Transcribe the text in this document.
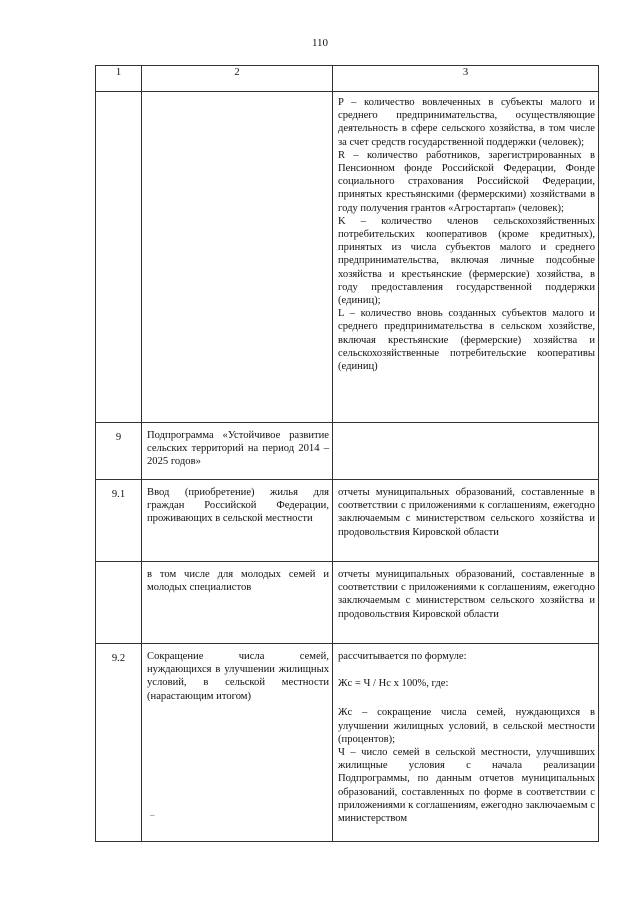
110
1	2	3

		P – количество вовлеченных в субъекты малого и среднего предпринимательства, осуществляющие деятельность в сфере сельского хозяйства, в том числе за счет средств государственной поддержки (человек);

R – количество работников, зарегистрированных в Пенсионном фонде Российской Федерации, Фонде социального страхования Российской Федерации, принятых крестьянскими (фермерскими) хозяйствами в году получения грантов «Агростартап» (человек);

K – количество членов сельскохозяйственных потребительских кооперативов (кроме кредитных), принятых из числа субъектов малого и среднего предпринимательства, включая личные подсобные хозяйства и крестьянские (фермерские) хозяйства, в году предоставления государственной поддержки (единиц);

L – количество вновь созданных субъектов малого и среднего предпринимательства в сельском хозяйстве, включая крестьянские (фермерские) хозяйства и сельскохозяйственные потребительские кооперативы (единиц)

9	Подпрограмма «Устойчивое развитие сельских территорий на период 2014 – 2025 годов»	
9.1	Ввод (приобретение) жилья для граждан Российской Федерации, проживающих в сельской местности	отчеты муниципальных образований, составленные в соответствии с приложениями к соглашениям, ежегодно заключаемым с министерством сельского хозяйства и продовольствия Кировской области
	в том числе для молодых семей и молодых специалистов	отчеты муниципальных образований, составленные в соответствии с приложениями к соглашениям, ежегодно заключаемым с министерством сельского хозяйства и продовольствия Кировской области
9.2	Сокращение числа семей, нуждающихся в улучшении жилищных условий, в сельской местности (нарастающим итогом)	рассчитывается по формуле:

Жс = Ч / Нс х 100%, где:

Жс – сокращение числа семей, нуждающихся в улучшении жилищных условий, в сельской местности (процентов);

Ч – число семей в сельской местности, улучшивших жилищные условия с начала реализации Подпрограммы, по данным отчетов муниципальных образований, составленных по форме в соответствии с приложениями к соглашениям, ежегодно заключаемым с министерством

–
